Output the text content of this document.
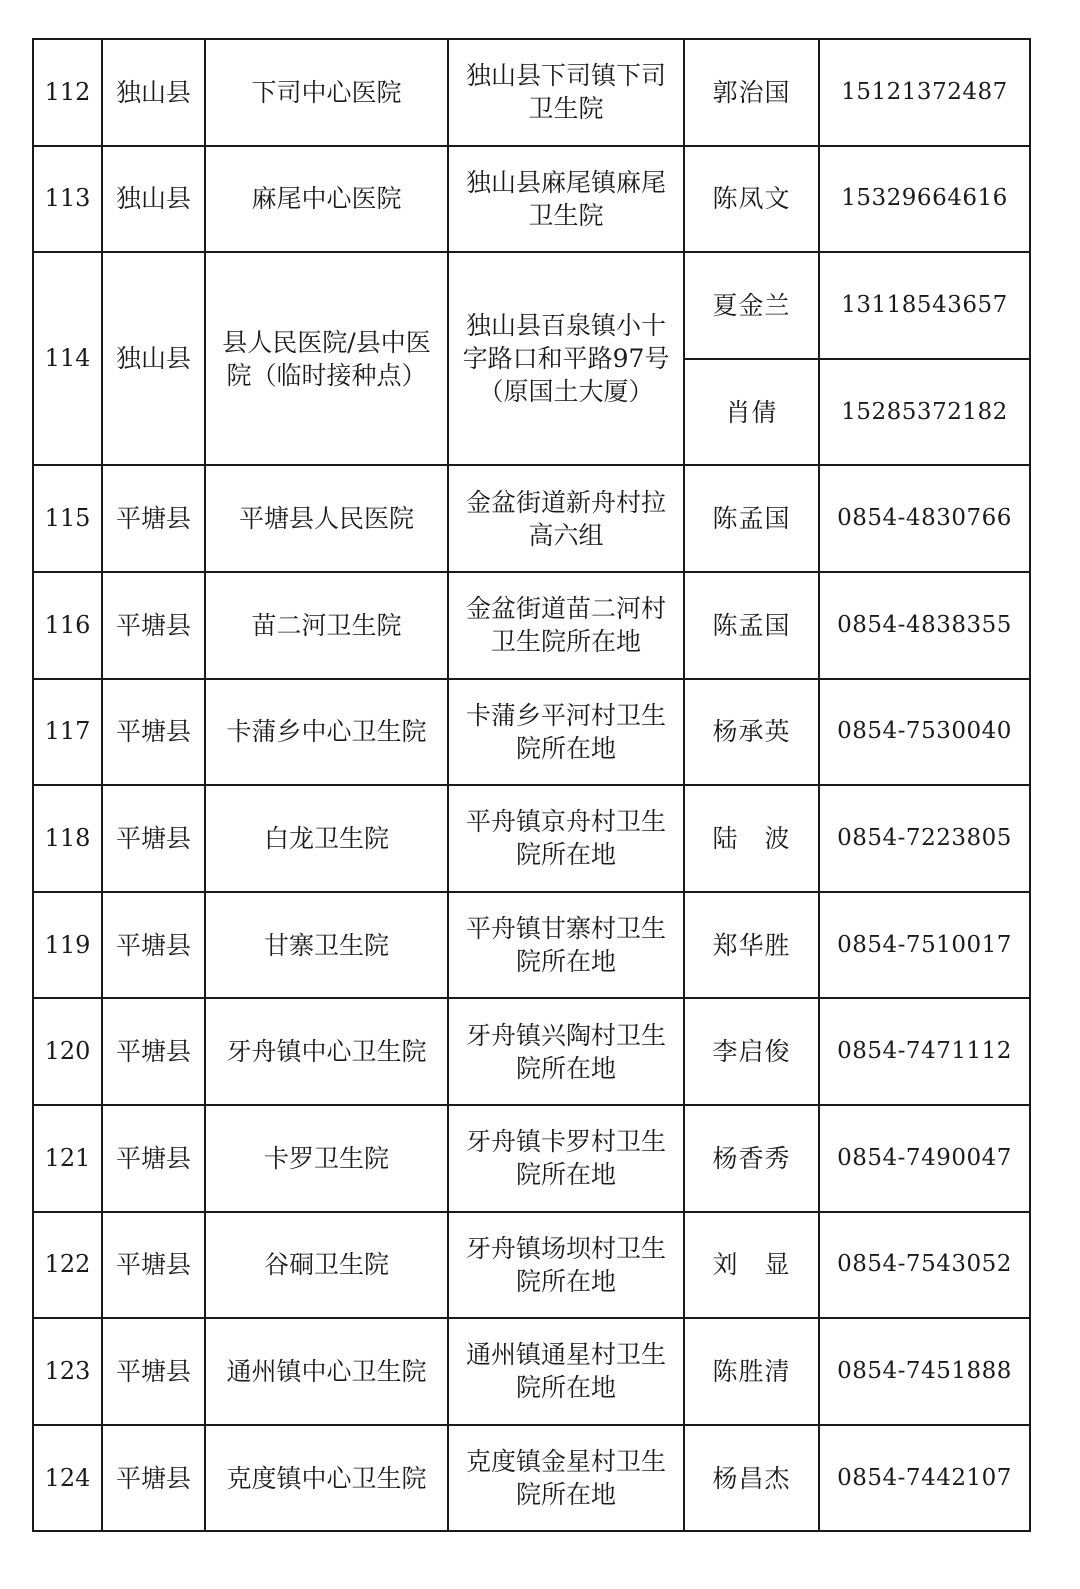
112	独山县	下司中心医院	独山县下司镇下司卫生院	郭治国	15121372487
113	独山县	麻尾中心医院	独山县麻尾镇麻尾卫生院	陈凤文	15329664616
114	独山县	县人民医院/县中医院（临时接种点）	独山县百泉镇小十字路口和平路97号（原国土大厦）	夏金兰	13118543657
				肖倩	15285372182
115	平塘县	平塘县人民医院	金盆街道新舟村拉高六组	陈孟国	0854-4830766
116	平塘县	苗二河卫生院	金盆街道苗二河村卫生院所在地	陈孟国	0854-4838355
117	平塘县	卡蒲乡中心卫生院	卡蒲乡平河村卫生院所在地	杨承英	0854-7530040
118	平塘县	白龙卫生院	平舟镇京舟村卫生院所在地	陆　波	0854-7223805
119	平塘县	甘寨卫生院	平舟镇甘寨村卫生院所在地	郑华胜	0854-7510017
120	平塘县	牙舟镇中心卫生院	牙舟镇兴陶村卫生院所在地	李启俊	0854-7471112
121	平塘县	卡罗卫生院	牙舟镇卡罗村卫生院所在地	杨香秀	0854-7490047
122	平塘县	谷硐卫生院	牙舟镇场坝村卫生院所在地	刘　显	0854-7543052
123	平塘县	通州镇中心卫生院	通州镇通星村卫生院所在地	陈胜清	0854-7451888
124	平塘县	克度镇中心卫生院	克度镇金星村卫生院所在地	杨昌杰	0854-7442107
